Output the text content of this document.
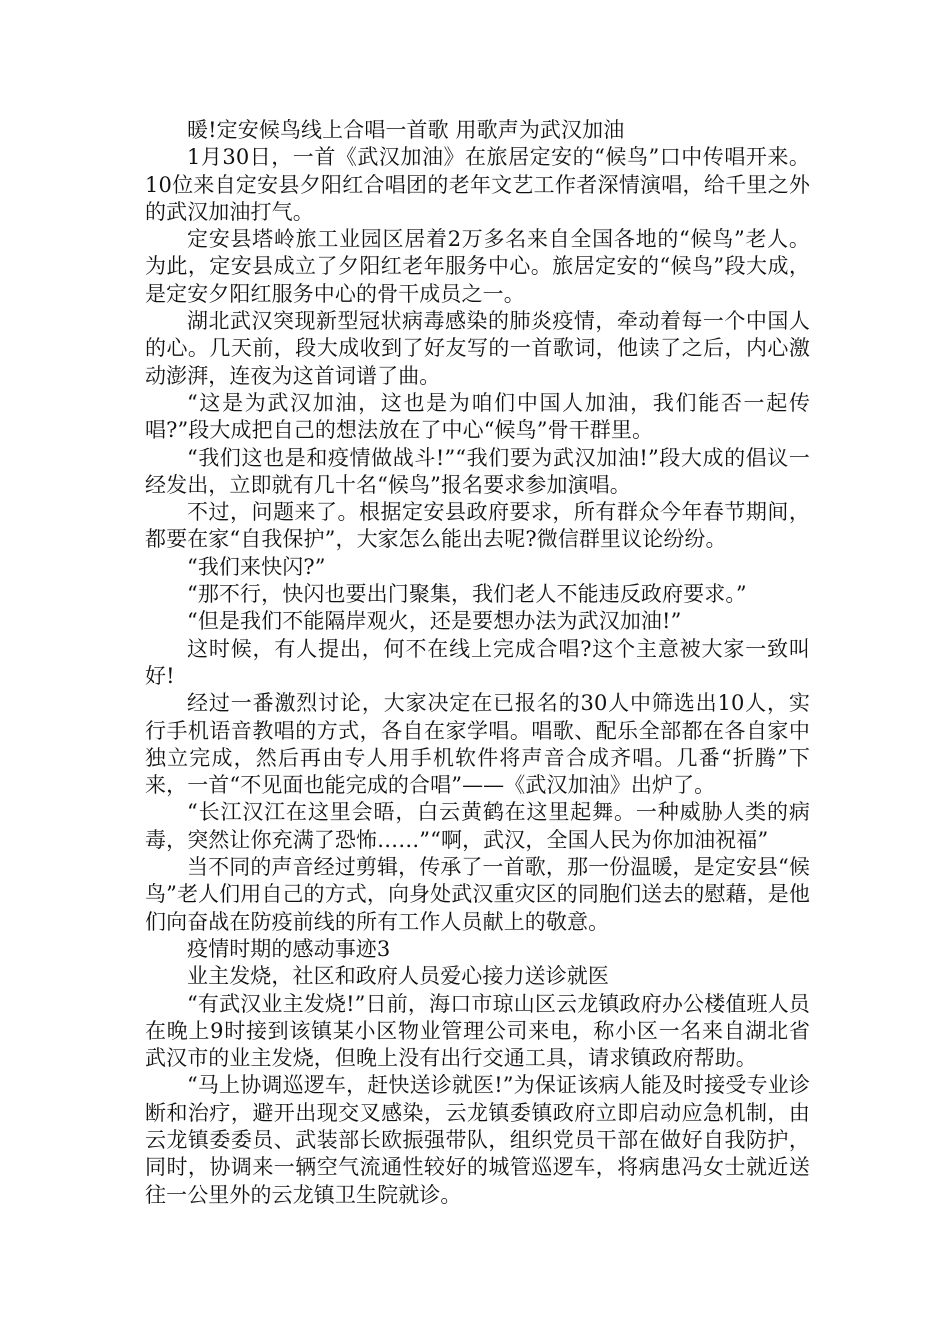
暖!定安候鸟线上合唱一首歌 用歌声为武汉加油

1月30日，一首《武汉加油》在旅居定安的“候鸟”口中传唱开来。10位来自定安县夕阳红合唱团的老年文艺工作者深情演唱，给千里之外的武汉加油打气。

定安县塔岭旅工业园区居着2万多名来自全国各地的“候鸟”老人。为此，定安县成立了夕阳红老年服务中心。旅居定安的“候鸟”段大成，是定安夕阳红服务中心的骨干成员之一。

湖北武汉突现新型冠状病毒感染的肺炎疫情，牵动着每一个中国人的心。几天前，段大成收到了好友写的一首歌词，他读了之后，内心激动澎湃，连夜为这首词谱了曲。

“这是为武汉加油，这也是为咱们中国人加油，我们能否一起传唱?”段大成把自己的想法放在了中心“候鸟”骨干群里。

“我们这也是和疫情做战斗!”“我们要为武汉加油!”段大成的倡议一经发出，立即就有几十名“候鸟”报名要求参加演唱。

不过，问题来了。根据定安县政府要求，所有群众今年春节期间，都要在家“自我保护”，大家怎么能出去呢?微信群里议论纷纷。

“我们来快闪?”

“那不行，快闪也要出门聚集，我们老人不能违反政府要求。”

“但是我们不能隔岸观火，还是要想办法为武汉加油!”

这时候，有人提出，何不在线上完成合唱?这个主意被大家一致叫好!

经过一番激烈讨论，大家决定在已报名的30人中筛选出10人，实行手机语音教唱的方式，各自在家学唱。唱歌、配乐全部都在各自家中独立完成，然后再由专人用手机软件将声音合成齐唱。几番“折腾”下来，一首“不见面也能完成的合唱”——《武汉加油》出炉了。

“长江汉江在这里会晤，白云黄鹤在这里起舞。一种威胁人类的病毒，突然让你充满了恐怖……”“啊，武汉，全国人民为你加油祝福”

当不同的声音经过剪辑，传承了一首歌，那一份温暖，是定安县“候鸟”老人们用自己的方式，向身处武汉重灾区的同胞们送去的慰藉，是他们向奋战在防疫前线的所有工作人员献上的敬意。

疫情时期的感动事迹3

业主发烧，社区和政府人员爱心接力送诊就医

“有武汉业主发烧!”日前，海口市琼山区云龙镇政府办公楼值班人员在晚上9时接到该镇某小区物业管理公司来电，称小区一名来自湖北省武汉市的业主发烧，但晚上没有出行交通工具，请求镇政府帮助。

“马上协调巡逻车，赶快送诊就医!”为保证该病人能及时接受专业诊断和治疗，避开出现交叉感染，云龙镇委镇政府立即启动应急机制，由云龙镇委委员、武装部长欧振强带队，组织党员干部在做好自我防护，同时，协调来一辆空气流通性较好的城管巡逻车，将病患冯女士就近送往一公里外的云龙镇卫生院就诊。
